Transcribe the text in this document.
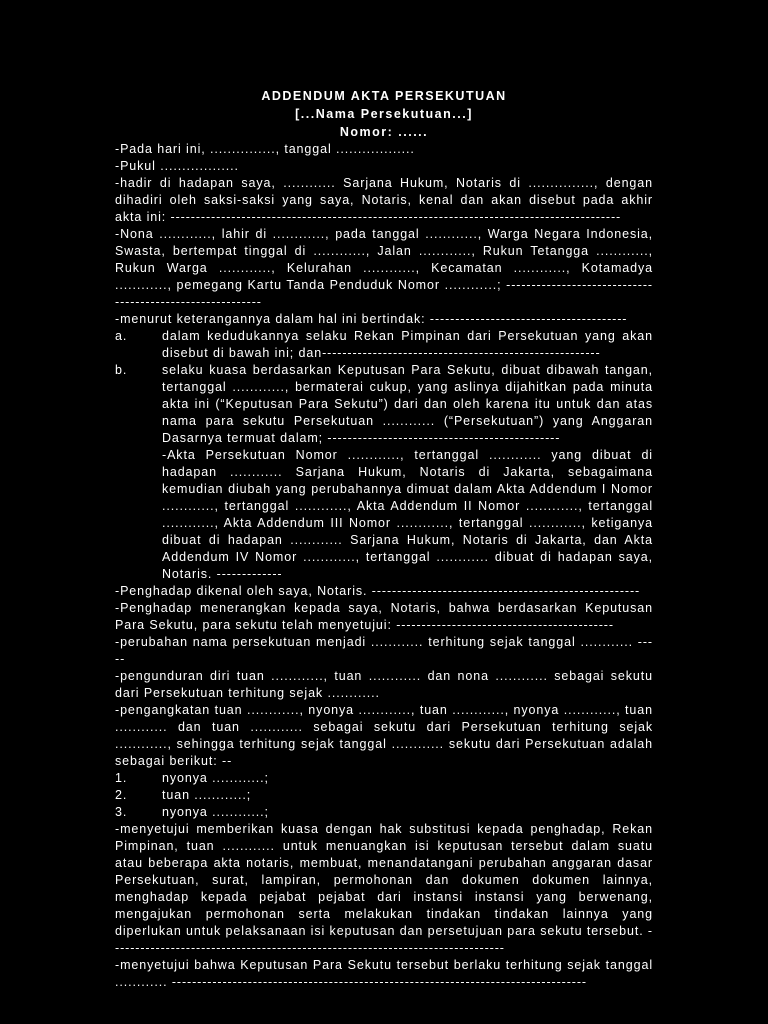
ADDENDUM AKTA PERSEKUTUAN
[...Nama Persekutuan...]
Nomor: ......

-Pada hari ini, ..............., tanggal ..................

-Pukul ..................

-hadir di hadapan saya, ............ Sarjana Hukum, Notaris di ..............., dengan dihadiri oleh saksi-saksi yang saya, Notaris, kenal dan akan disebut pada akhir akta ini: -----------------------------------------------------------------------------------------

-Nona ............, lahir di ............, pada tanggal ............, Warga Negara Indonesia, Swasta, bertempat tinggal di ............, Jalan ............, Rukun Tetangga ............, Rukun Warga ............, Kelurahan ............, Kecamatan ............, Kotamadya ............, pemegang Kartu Tanda Penduduk Nomor ............; ----------------------------------------------------------

-menurut keterangannya dalam hal ini bertindak: ---------------------------------------

a.	dalam kedudukannya selaku Rekan Pimpinan dari Persekutuan yang akan disebut di bawah ini; dan-------------------------------------------------------
b.	selaku kuasa berdasarkan Keputusan Para Sekutu, dibuat dibawah tangan, tertanggal ............, bermaterai cukup, yang aslinya dijahitkan pada minuta akta ini (“Keputusan Para Sekutu”) dari dan oleh karena itu untuk dan atas nama para sekutu Persekutuan ............ (“Persekutuan”) yang Anggaran Dasarnya termuat dalam; ----------------------------------------------
-Akta Persekutuan Nomor ............, tertanggal ............ yang dibuat di hadapan ............ Sarjana Hukum, Notaris di Jakarta, sebagaimana kemudian diubah yang perubahannya dimuat dalam Akta Addendum I Nomor ............, tertanggal ............, Akta Addendum II Nomor ............, tertanggal ............, Akta Addendum III Nomor ............, tertanggal ............, ketiganya dibuat di hadapan ............ Sarjana Hukum, Notaris di Jakarta, dan Akta Addendum IV Nomor ............, tertanggal ............ dibuat di hadapan saya, Notaris. -------------

-Penghadap dikenal oleh saya, Notaris. -----------------------------------------------------

-Penghadap menerangkan kepada saya, Notaris, bahwa berdasarkan Keputusan Para Sekutu, para sekutu telah menyetujui: -------------------------------------------

-perubahan nama persekutuan menjadi ............ terhitung sejak tanggal ............ -----

-pengunduran diri tuan ............, tuan ............ dan nona ............ sebagai sekutu dari Persekutuan terhitung sejak ............

-pengangkatan tuan ............, nyonya ............, tuan ............, nyonya ............, tuan ............ dan tuan ............ sebagai sekutu dari Persekutuan terhitung sejak ............, sehingga terhitung sejak tanggal ............ sekutu dari Persekutuan adalah sebagai berikut: --

1.	nyonya ............;
2.	tuan ............;
3.	nyonya ............;

-menyetujui memberikan kuasa dengan hak substitusi kepada penghadap, Rekan Pimpinan, tuan ............ untuk menuangkan isi keputusan tersebut dalam suatu atau beberapa akta notaris, membuat, menandatangani perubahan anggaran dasar Persekutuan, surat, lampiran, permohonan dan dokumen dokumen lainnya, menghadap kepada pejabat pejabat dari instansi instansi yang berwenang, mengajukan permohonan serta melakukan tindakan tindakan lainnya yang diperlukan untuk pelaksanaan isi keputusan dan persetujuan para sekutu tersebut. ------------------------------------------------------------------------------

-menyetujui bahwa Keputusan Para Sekutu tersebut berlaku terhitung sejak tanggal ............ ----------------------------------------------------------------------------------
